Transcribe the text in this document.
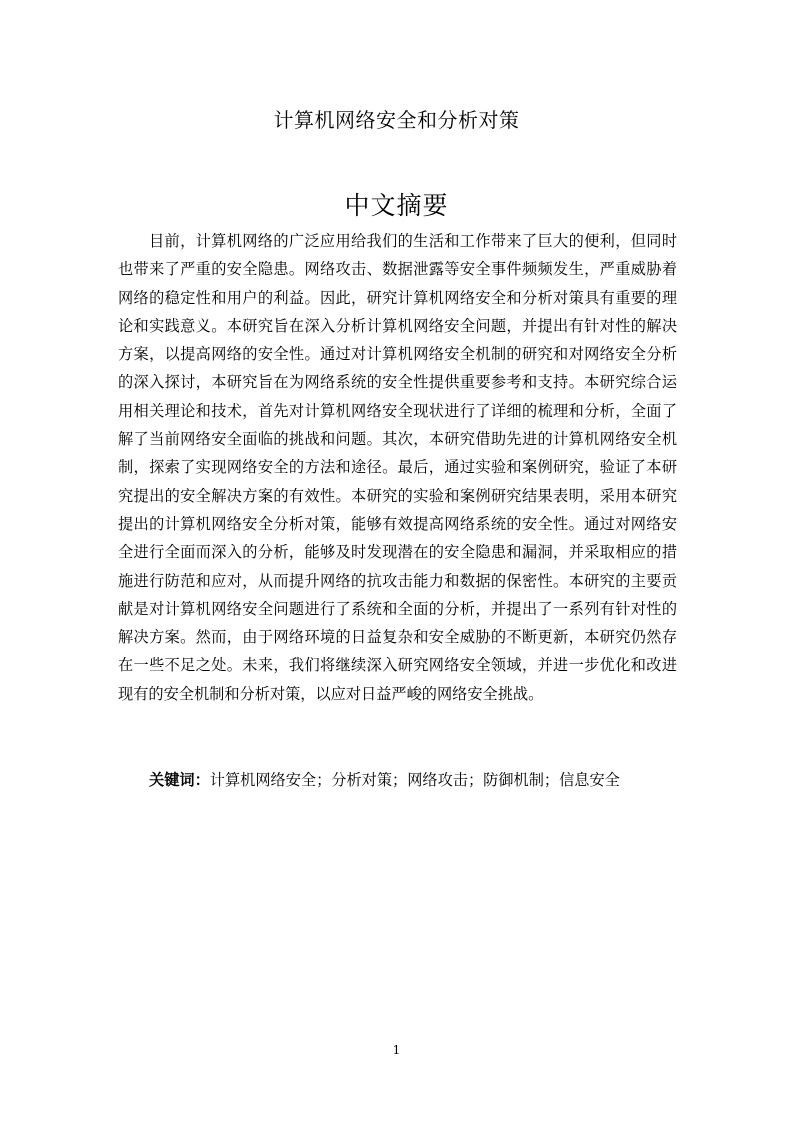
计算机网络安全和分析对策
中文摘要

目前，计算机网络的广泛应用给我们的生活和工作带来了巨大的便利，但同时也带来了严重的安全隐患。网络攻击、数据泄露等安全事件频频发生，严重威胁着网络的稳定性和用户的利益。因此，研究计算机网络安全和分析对策具有重要的理论和实践意义。本研究旨在深入分析计算机网络安全问题，并提出有针对性的解决方案，以提高网络的安全性。通过对计算机网络安全机制的研究和对网络安全分析的深入探讨，本研究旨在为网络系统的安全性提供重要参考和支持。本研究综合运用相关理论和技术，首先对计算机网络安全现状进行了详细的梳理和分析，全面了解了当前网络安全面临的挑战和问题。其次，本研究借助先进的计算机网络安全机制，探索了实现网络安全的方法和途径。最后，通过实验和案例研究，验证了本研究提出的安全解决方案的有效性。本研究的实验和案例研究结果表明，采用本研究提出的计算机网络安全分析对策，能够有效提高网络系统的安全性。通过对网络安全进行全面而深入的分析，能够及时发现潜在的安全隐患和漏洞，并采取相应的措施进行防范和应对，从而提升网络的抗攻击能力和数据的保密性。本研究的主要贡献是对计算机网络安全问题进行了系统和全面的分析，并提出了一系列有针对性的解决方案。然而，由于网络环境的日益复杂和安全威胁的不断更新，本研究仍然存在一些不足之处。未来，我们将继续深入研究网络安全领域，并进一步优化和改进现有的安全机制和分析对策，以应对日益严峻的网络安全挑战。

关键词：计算机网络安全；分析对策；网络攻击；防御机制；信息安全

1
